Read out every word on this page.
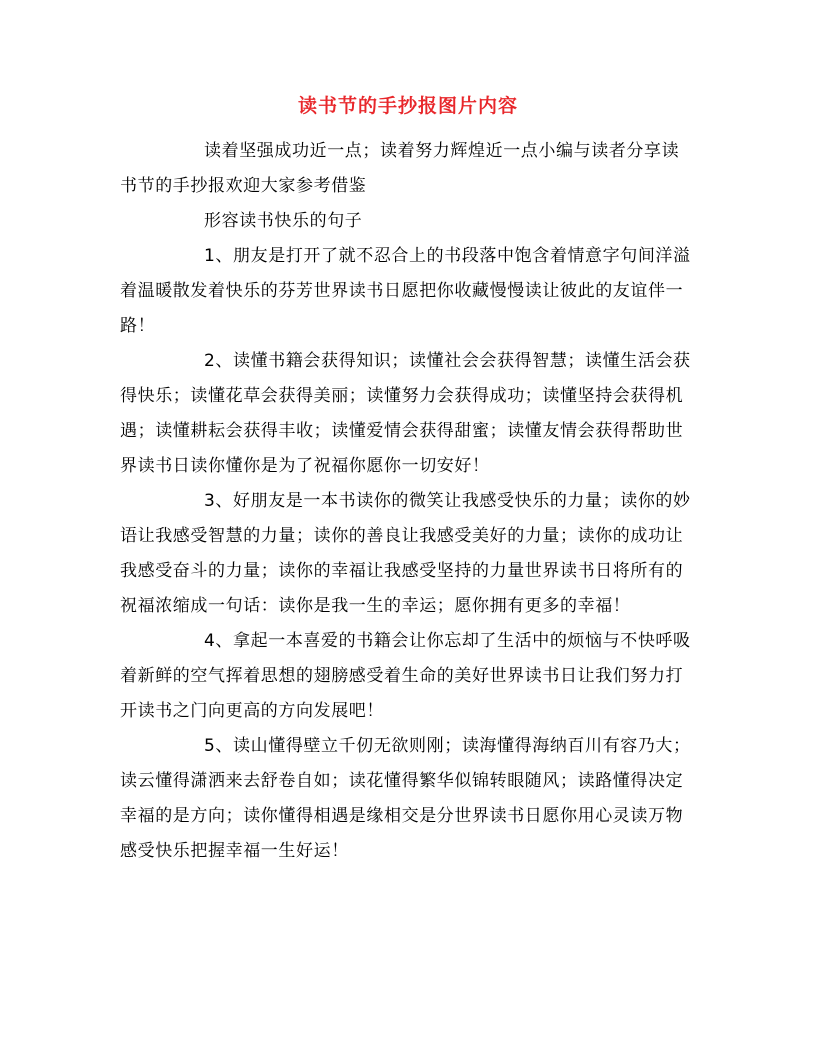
读书节的手抄报图片内容

读着坚强成功近一点；读着努力辉煌近一点小编与读者分享读书节的手抄报欢迎大家参考借鉴

形容读书快乐的句子

1、朋友是打开了就不忍合上的书段落中饱含着情意字句间洋溢着温暖散发着快乐的芬芳世界读书日愿把你收藏慢慢读让彼此的友谊伴一路！

2、读懂书籍会获得知识；读懂社会会获得智慧；读懂生活会获得快乐；读懂花草会获得美丽；读懂努力会获得成功；读懂坚持会获得机遇；读懂耕耘会获得丰收；读懂爱情会获得甜蜜；读懂友情会获得帮助世界读书日读你懂你是为了祝福你愿你一切安好！

3、好朋友是一本书读你的微笑让我感受快乐的力量；读你的妙语让我感受智慧的力量；读你的善良让我感受美好的力量；读你的成功让我感受奋斗的力量；读你的幸福让我感受坚持的力量世界读书日将所有的祝福浓缩成一句话：读你是我一生的幸运；愿你拥有更多的幸福！

4、拿起一本喜爱的书籍会让你忘却了生活中的烦恼与不快呼吸着新鲜的空气挥着思想的翅膀感受着生命的美好世界读书日让我们努力打开读书之门向更高的方向发展吧！

5、读山懂得壁立千仞无欲则刚；读海懂得海纳百川有容乃大；读云懂得潇洒来去舒卷自如；读花懂得繁华似锦转眼随风；读路懂得决定幸福的是方向；读你懂得相遇是缘相交是分世界读书日愿你用心灵读万物感受快乐把握幸福一生好运！
